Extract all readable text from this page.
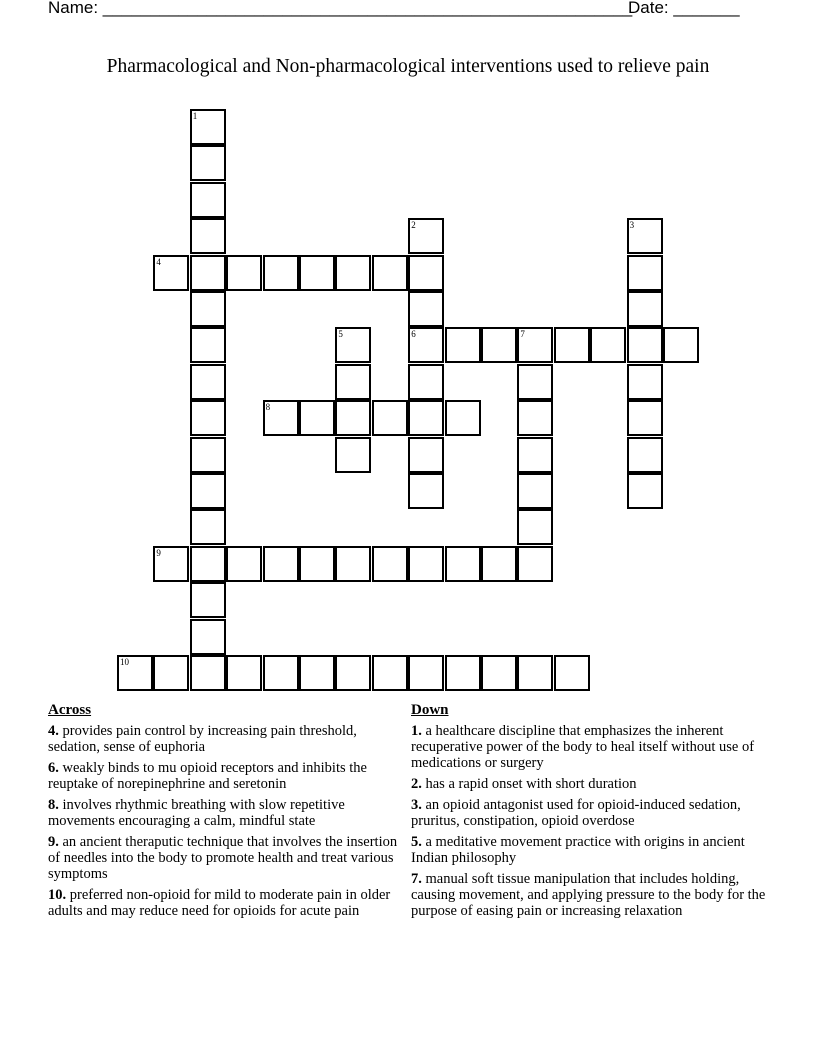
Name: ________________________________________________________
Date: _______
Pharmacological and Non-pharmacological interventions used to relieve pain
1
2
6
3
4
5	7
8
9
10
Across
4. provides pain control by increasing pain threshold, sedation, sense of euphoria
6. weakly binds to mu opioid receptors and inhibits the reuptake of norepinephrine and seretonin
8. involves rhythmic breathing with slow repetitive movements encouraging a calm, mindful state
9. an ancient theraputic technique that involves the insertion of needles into the body to promote health and treat various symptoms
10. preferred non-opioid for mild to moderate pain in older adults and may reduce need for opioids for acute pain
Down
1. a healthcare discipline that emphasizes the inherent recuperative power of the body to heal itself without use of medications or surgery
2. has a rapid onset with short duration
3. an opioid antagonist used for opioid-induced sedation, pruritus, constipation, opioid overdose
5. a meditative movement practice with origins in ancient Indian philosophy
7. manual soft tissue manipulation that includes holding, causing movement, and applying pressure to the body for the purpose of easing pain or increasing relaxation
